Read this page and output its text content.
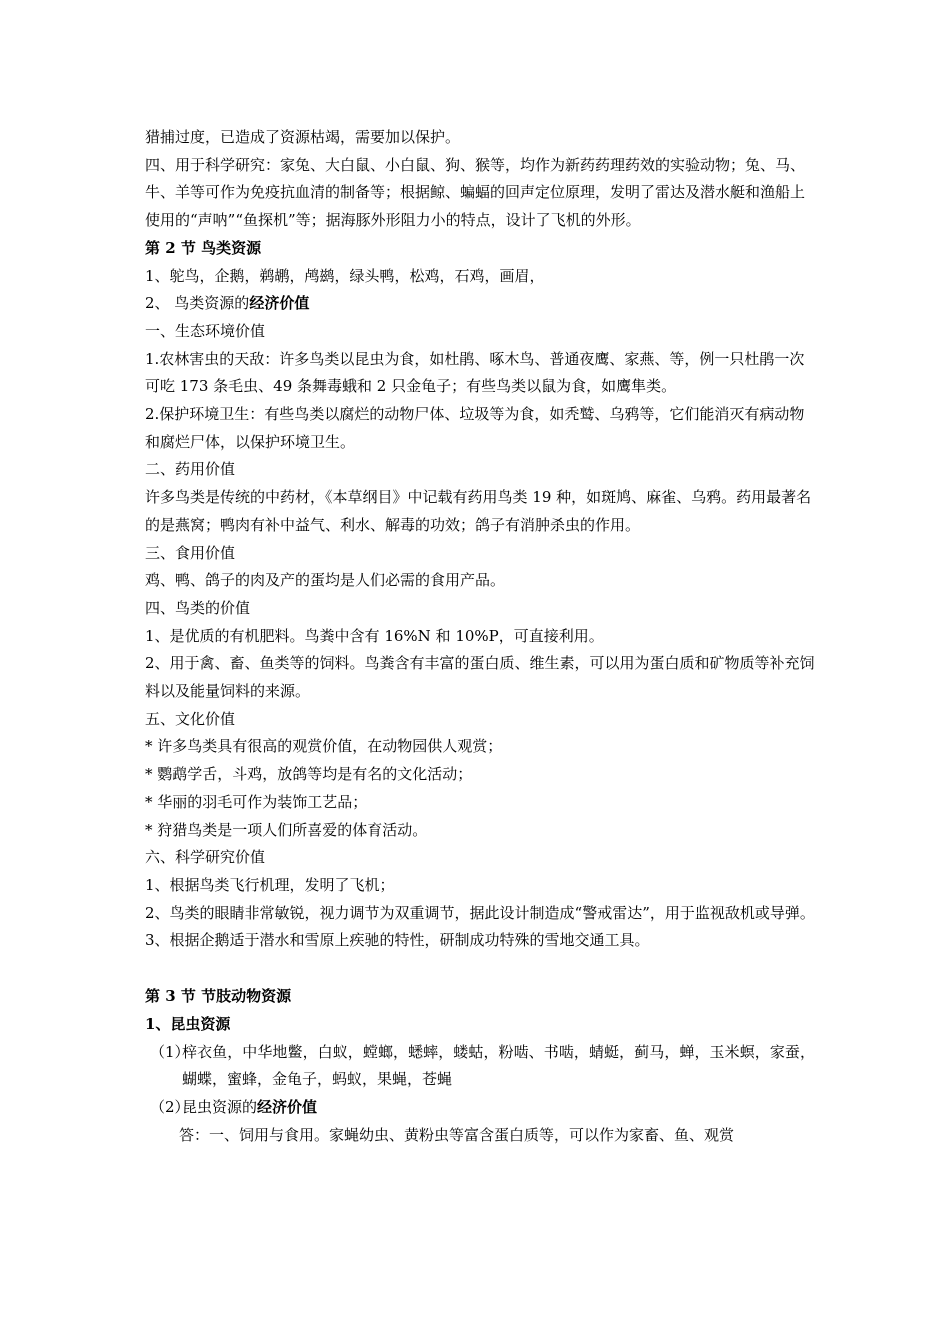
猎捕过度，已造成了资源枯竭，需要加以保护。
四、用于科学研究：家兔、大白鼠、小白鼠、狗、猴等，均作为新药药理药效的实验动物；兔、马、牛、羊等可作为免疫抗血清的制备等；根据鲸、蝙蝠的回声定位原理，发明了雷达及潜水艇和渔船上使用的“声呐”“鱼探机”等；据海豚外形阻力小的特点，设计了飞机的外形。
第 2 节 鸟类资源
1、鸵鸟，企鹅，鹈鹕，鸬鹚，绿头鸭，松鸡，石鸡，画眉，
2、 鸟类资源的经济价值
一、生态环境价值
1.农林害虫的天敌：许多鸟类以昆虫为食，如杜鹃、啄木鸟、普通夜鹰、家燕、等，例一只杜鹃一次可吃 173 条毛虫、49 条舞毒蛾和 2 只金龟子；有些鸟类以鼠为食，如鹰隼类。
2.保护环境卫生：有些鸟类以腐烂的动物尸体、垃圾等为食，如秃鹫、乌鸦等，它们能消灭有病动物和腐烂尸体，以保护环境卫生。
二、药用价值
许多鸟类是传统的中药材，《本草纲目》中记载有药用鸟类 19 种，如斑鸠、麻雀、乌鸦。药用最著名的是燕窝；鸭肉有补中益气、利水、解毒的功效；鸽子有消肿杀虫的作用。
三、食用价值
鸡、鸭、鸽子的肉及产的蛋均是人们必需的食用产品。
四、鸟类的价值
1、是优质的有机肥料。鸟粪中含有 16%N 和 10%P，可直接利用。
2、用于禽、畜、鱼类等的饲料。鸟粪含有丰富的蛋白质、维生素，可以用为蛋白质和矿物质等补充饲料以及能量饲料的来源。
五、文化价值
* 许多鸟类具有很高的观赏价值，在动物园供人观赏；
* 鹦鹉学舌，斗鸡，放鸽等均是有名的文化活动；
* 华丽的羽毛可作为装饰工艺品；
* 狩猎鸟类是一项人们所喜爱的体育活动。
六、科学研究价值
1、根据鸟类飞行机理，发明了飞机；
2、鸟类的眼睛非常敏锐，视力调节为双重调节，据此设计制造成“警戒雷达”，用于监视敌机或导弹。
3、根据企鹅适于潜水和雪原上疾驰的特性，研制成功特殊的雪地交通工具。
第 3 节 节肢动物资源
1、昆虫资源
（1）
梓衣鱼，中华地鳖，白蚁，螳螂，蟋蟀，蝼蛄，粉啮、书啮，蜻蜓，蓟马，蝉，玉米螟，家蚕，蝴蝶，蜜蜂，金龟子，蚂蚁，果蝇，苍蝇
（2）
昆虫资源的经济价值
答：一、饲用与食用。家蝇幼虫、黄粉虫等富含蛋白质等，可以作为家畜、鱼、观赏
